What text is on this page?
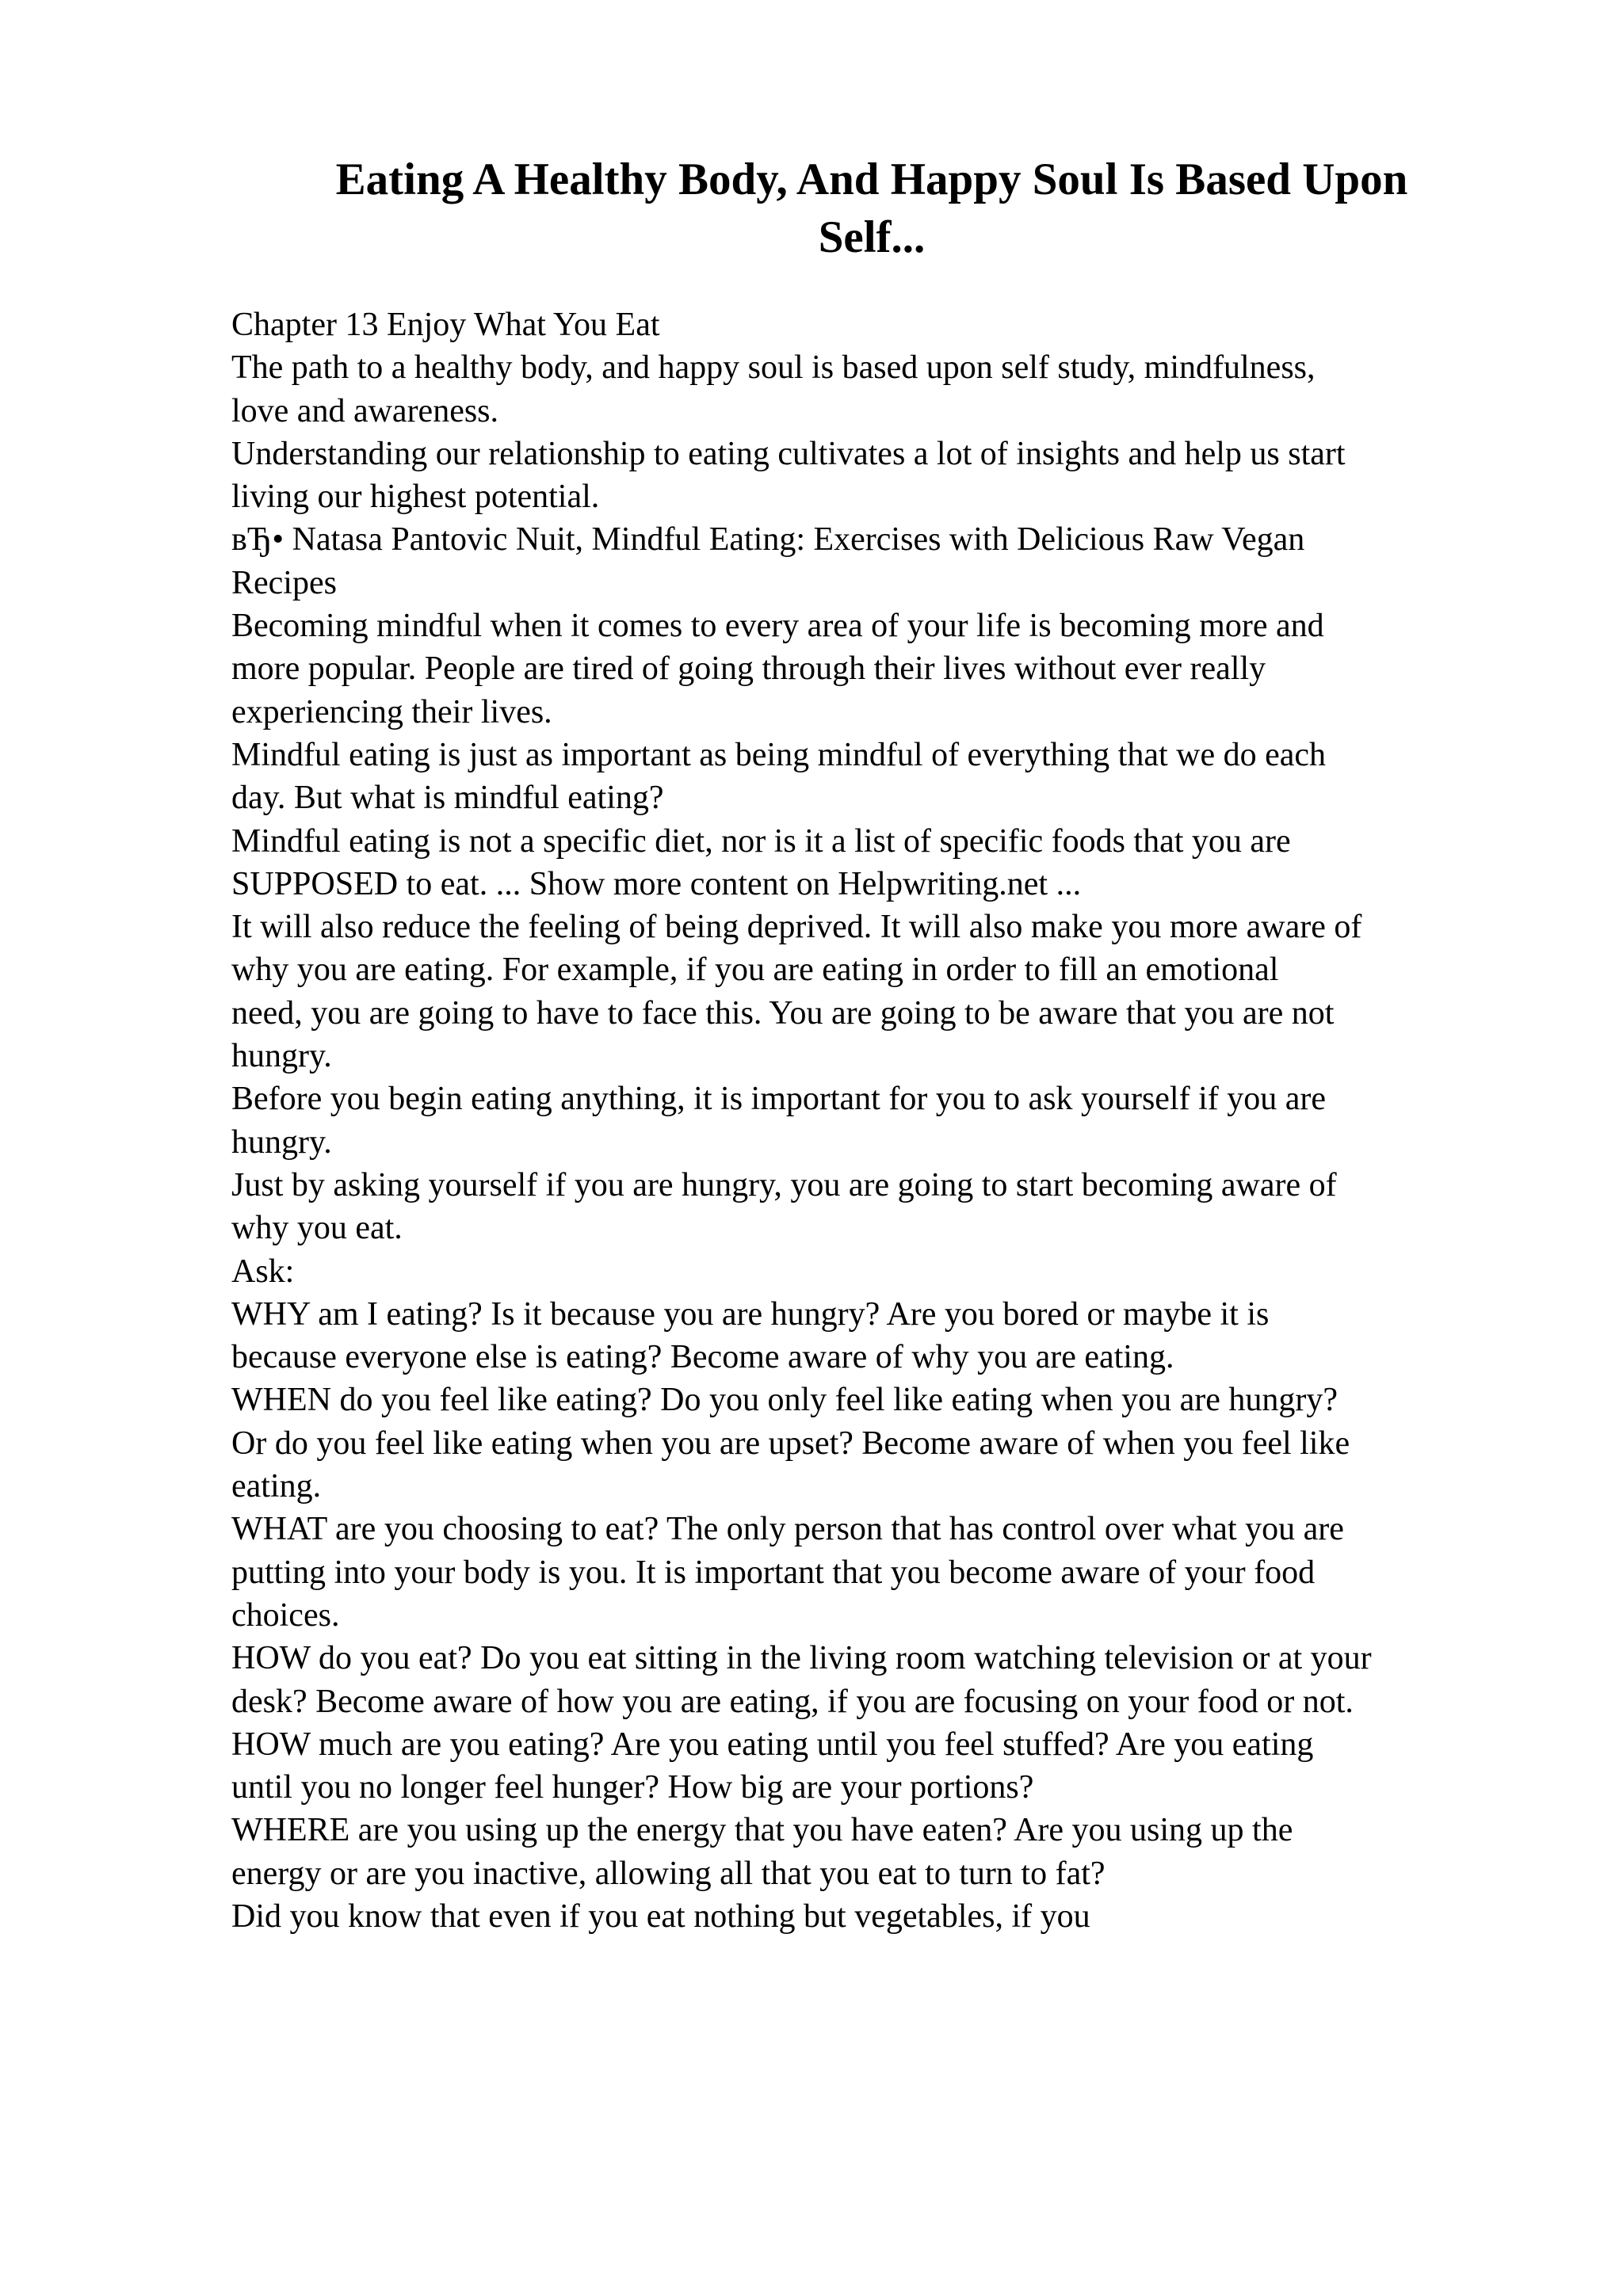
Eating A Healthy Body, And Happy Soul Is Based Upon
Self...

Chapter 13 Enjoy What You Eat

The path to a healthy body, and happy soul is based upon self study, mindfulness,

love and awareness.

Understanding our relationship to eating cultivates a lot of insights and help us start

living our highest potential.

вЂ• Natasa Pantovic Nuit, Mindful Eating: Exercises with Delicious Raw Vegan

Recipes

Becoming mindful when it comes to every area of your life is becoming more and

more popular. People are tired of going through their lives without ever really

experiencing their lives.

Mindful eating is just as important as being mindful of everything that we do each

day. But what is mindful eating?

Mindful eating is not a specific diet, nor is it a list of specific foods that you are

SUPPOSED to eat. ... Show more content on Helpwriting.net ...

It will also reduce the feeling of being deprived. It will also make you more aware of

why you are eating. For example, if you are eating in order to fill an emotional

need, you are going to have to face this. You are going to be aware that you are not

hungry.

Before you begin eating anything, it is important for you to ask yourself if you are

hungry.

Just by asking yourself if you are hungry, you are going to start becoming aware of

why you eat.

Ask:

WHY am I eating? Is it because you are hungry? Are you bored or maybe it is

because everyone else is eating? Become aware of why you are eating.

WHEN do you feel like eating? Do you only feel like eating when you are hungry?

Or do you feel like eating when you are upset? Become aware of when you feel like

eating.

WHAT are you choosing to eat? The only person that has control over what you are

putting into your body is you. It is important that you become aware of your food

choices.

HOW do you eat? Do you eat sitting in the living room watching television or at your

desk? Become aware of how you are eating, if you are focusing on your food or not.

HOW much are you eating? Are you eating until you feel stuffed? Are you eating

until you no longer feel hunger? How big are your portions?

WHERE are you using up the energy that you have eaten? Are you using up the

energy or are you inactive, allowing all that you eat to turn to fat?

Did you know that even if you eat nothing but vegetables, if you
